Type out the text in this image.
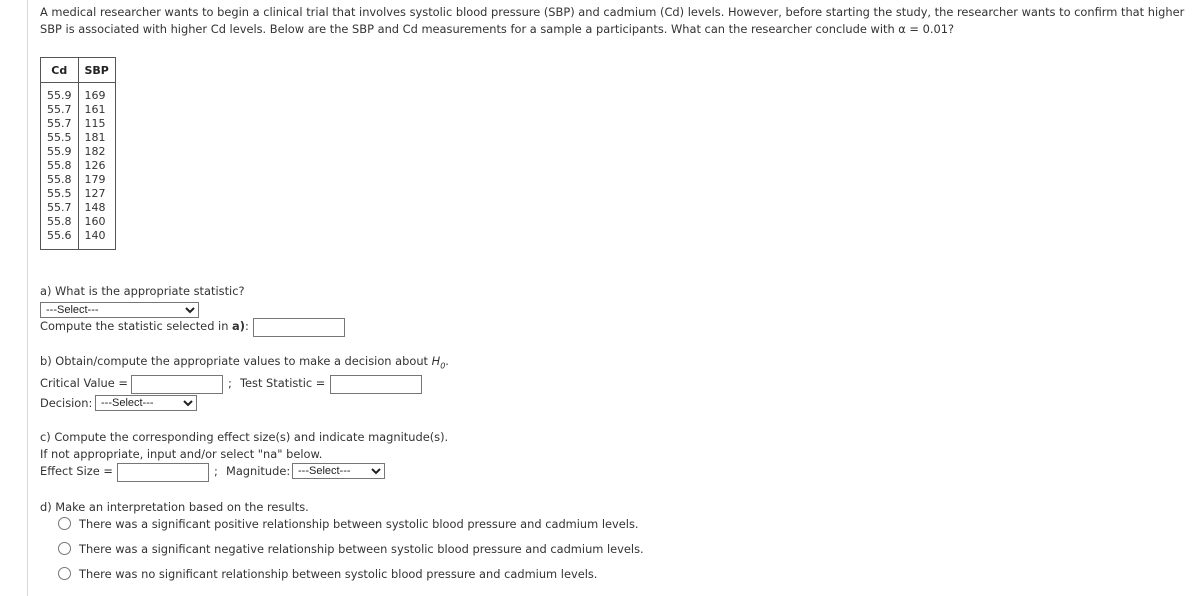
A medical researcher wants to begin a clinical trial that involves systolic blood pressure (SBP) and cadmium (Cd) levels. However, before starting the study, the researcher wants to confirm that higher SBP is associated with higher Cd levels. Below are the SBP and Cd measurements for a sample a participants. What can the researcher conclude with α = 0.01?
Cd	SBP
55.9	169
55.7	161
55.7	115
55.5	181
55.9	182
55.8	126
55.8	179
55.5	127
55.7	148
55.8	160
55.6	140
a) What is the appropriate statistic?
---Select---
Compute the statistic selected in a):
b) Obtain/compute the appropriate values to make a decision about $H_0$.
Critical Value =	; Test Statistic =
Decision:
---Select---
c) Compute the corresponding effect size(s) and indicate magnitude(s).
If not appropriate, input and/or select "na" below.
Effect Size =	; Magnitude:
---Select---
d) Make an interpretation based on the results.
There was a significant positive relationship between systolic blood pressure and cadmium levels.
There was a significant negative relationship between systolic blood pressure and cadmium levels.
There was no significant relationship between systolic blood pressure and cadmium levels.
